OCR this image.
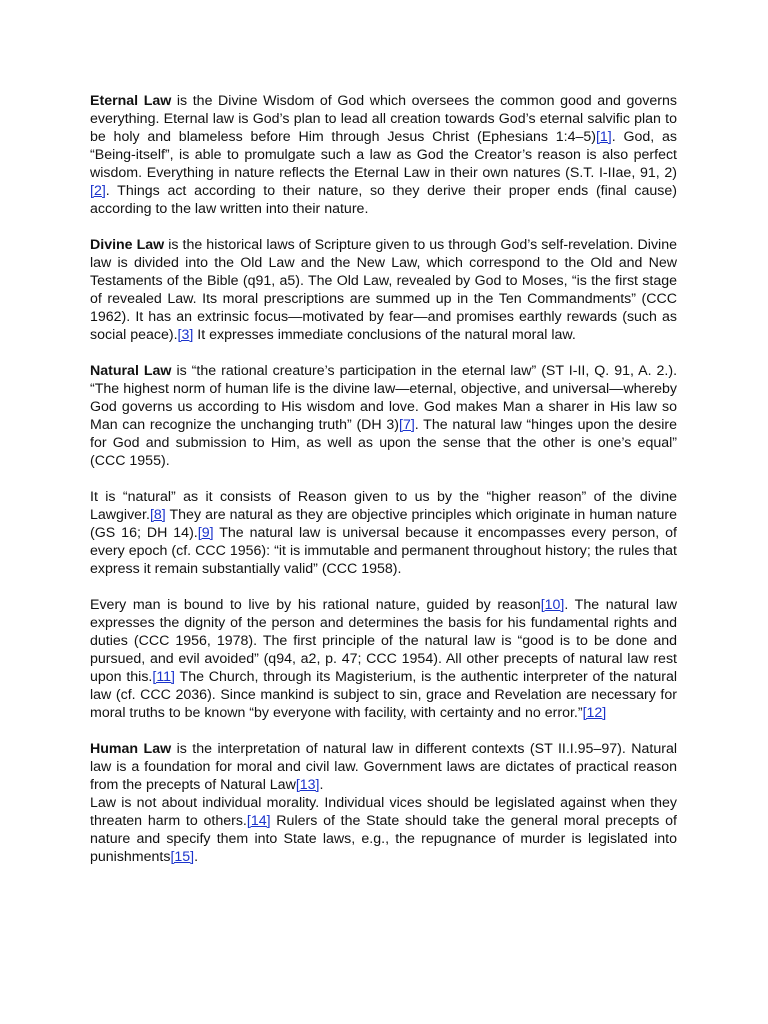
Eternal Law is the Divine Wisdom of God which oversees the common good and governs everything. Eternal law is God’s plan to lead all creation towards God’s eternal salvific plan to be holy and blameless before Him through Jesus Christ (Ephesians 1:4–5)[1]. God, as “Being-itself”, is able to promulgate such a law as God the Creator’s reason is also perfect wisdom. Everything in nature reflects the Eternal Law in their own natures (S.T. I-IIae, 91, 2)[2]. Things act according to their nature, so they derive their proper ends (final cause) according to the law written into their nature.

Divine Law is the historical laws of Scripture given to us through God’s self-revelation. Divine law is divided into the Old Law and the New Law, which correspond to the Old and New Testaments of the Bible (q91, a5). The Old Law, revealed by God to Moses, “is the first stage of revealed Law. Its moral prescriptions are summed up in the Ten Commandments” (CCC 1962). It has an extrinsic focus—motivated by fear—and promises earthly rewards (such as social peace).[3] It expresses immediate conclusions of the natural moral law.

Natural Law is “the rational creature’s participation in the eternal law” (ST I-II, Q. 91, A. 2.). “The highest norm of human life is the divine law—eternal, objective, and universal—whereby God governs us according to His wisdom and love. God makes Man a sharer in His law so Man can recognize the unchanging truth” (DH 3)[7]. The natural law “hinges upon the desire for God and submission to Him, as well as upon the sense that the other is one’s equal” (CCC 1955).

It is “natural” as it consists of Reason given to us by the “higher reason” of the divine Lawgiver.[8] They are natural as they are objective principles which originate in human nature (GS 16; DH 14).[9] The natural law is universal because it encompasses every person, of every epoch (cf. CCC 1956): “it is immutable and permanent throughout history; the rules that express it remain substantially valid” (CCC 1958).

Every man is bound to live by his rational nature, guided by reason[10]. The natural law expresses the dignity of the person and determines the basis for his fundamental rights and duties (CCC 1956, 1978). The first principle of the natural law is “good is to be done and pursued, and evil avoided” (q94, a2, p. 47; CCC 1954). All other precepts of natural law rest upon this.[11] The Church, through its Magisterium, is the authentic interpreter of the natural law (cf. CCC 2036). Since mankind is subject to sin, grace and Revelation are necessary for moral truths to be known “by everyone with facility, with certainty and no error.”[12]

Human Law is the interpretation of natural law in different contexts (ST II.I.95–97). Natural law is a foundation for moral and civil law. Government laws are dictates of practical reason from the precepts of Natural Law[13].

Law is not about individual morality. Individual vices should be legislated against when they threaten harm to others.[14] Rulers of the State should take the general moral precepts of nature and specify them into State laws, e.g., the repugnance of murder is legislated into punishments[15].
